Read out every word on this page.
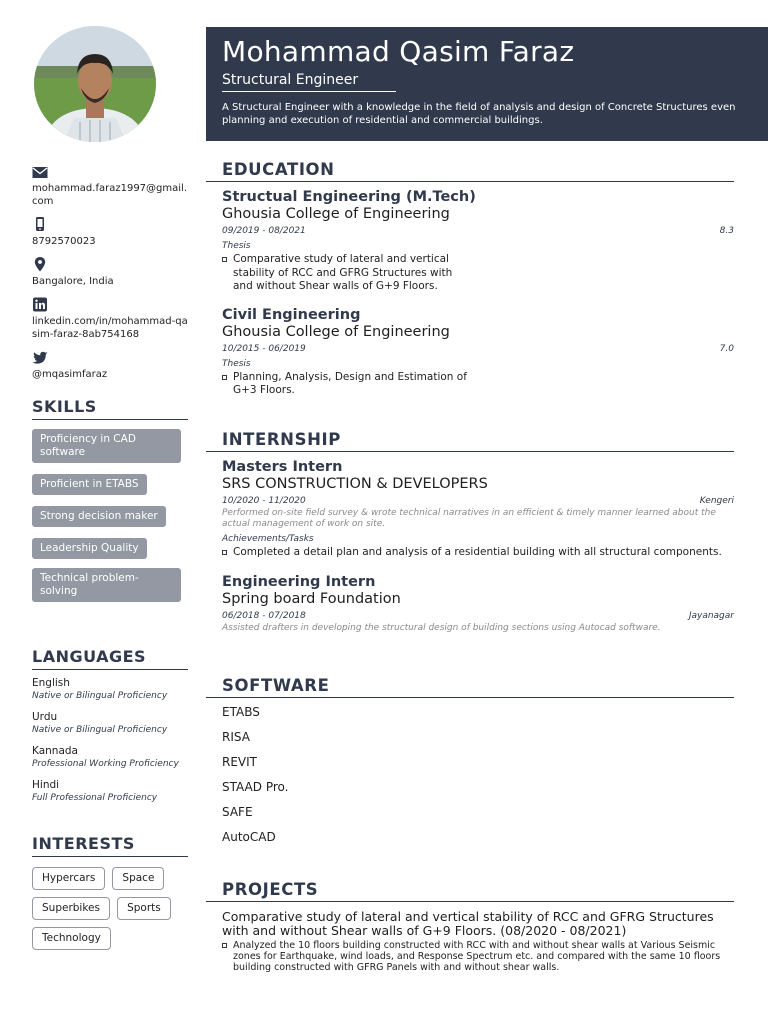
mohammad.faraz1997@gmail.com
8792570023
Bangalore, India
linkedin.com/in/mohammad-qasim-faraz-8ab754168
@mqasimfaraz
SKILLS
Proficiency in CAD software Proficient in ETABS Strong decision maker Leadership Quality Technical problem-solving
LANGUAGES
English
Native or Bilingual Proficiency
Urdu
Native or Bilingual Proficiency
Kannada
Professional Working Proficiency
Hindi
Full Professional Proficiency
INTERESTS
Hypercars	Space Superbikes	Sports Technology
Mohammad Qasim Faraz
Structural Engineer
A Structural Engineer with a knowledge in the field of analysis and design of Concrete Structures even planning and execution of residential and commercial buildings.
EDUCATION
Structual Engineering (M.Tech)
Ghousia College of Engineering
09/2019 - 08/2021	8.3
Thesis
Comparative study of lateral and vertical stability of RCC and GFRG Structures with and without Shear walls of G+9 Floors.
Civil Engineering
Ghousia College of Engineering
10/2015 - 06/2019	7.0
Thesis
Planning, Analysis, Design and Estimation of G+3 Floors.
INTERNSHIP
Masters Intern
SRS CONSTRUCTION & DEVELOPERS
10/2020 - 11/2020	Kengeri
Performed on-site field survey & wrote technical narratives in an efficient & timely manner learned about the actual management of work on site.
Achievements/Tasks
Completed a detail plan and analysis of a residential building with all structural components.
Engineering Intern
Spring board Foundation
06/2018 - 07/2018	Jayanagar
Assisted drafters in developing the structural design of building sections using Autocad software.
SOFTWARE
ETABS
RISA
REVIT
STAAD Pro.
SAFE
AutoCAD
PROJECTS
Comparative study of lateral and vertical stability of RCC and GFRG Structures with and without Shear walls of G+9 Floors. (08/2020 - 08/2021)
Analyzed the 10 floors building constructed with RCC with and without shear walls at Various Seismic zones for Earthquake, wind loads, and Response Spectrum etc. and compared with the same 10 floors building constructed with GFRG Panels with and without shear walls.
